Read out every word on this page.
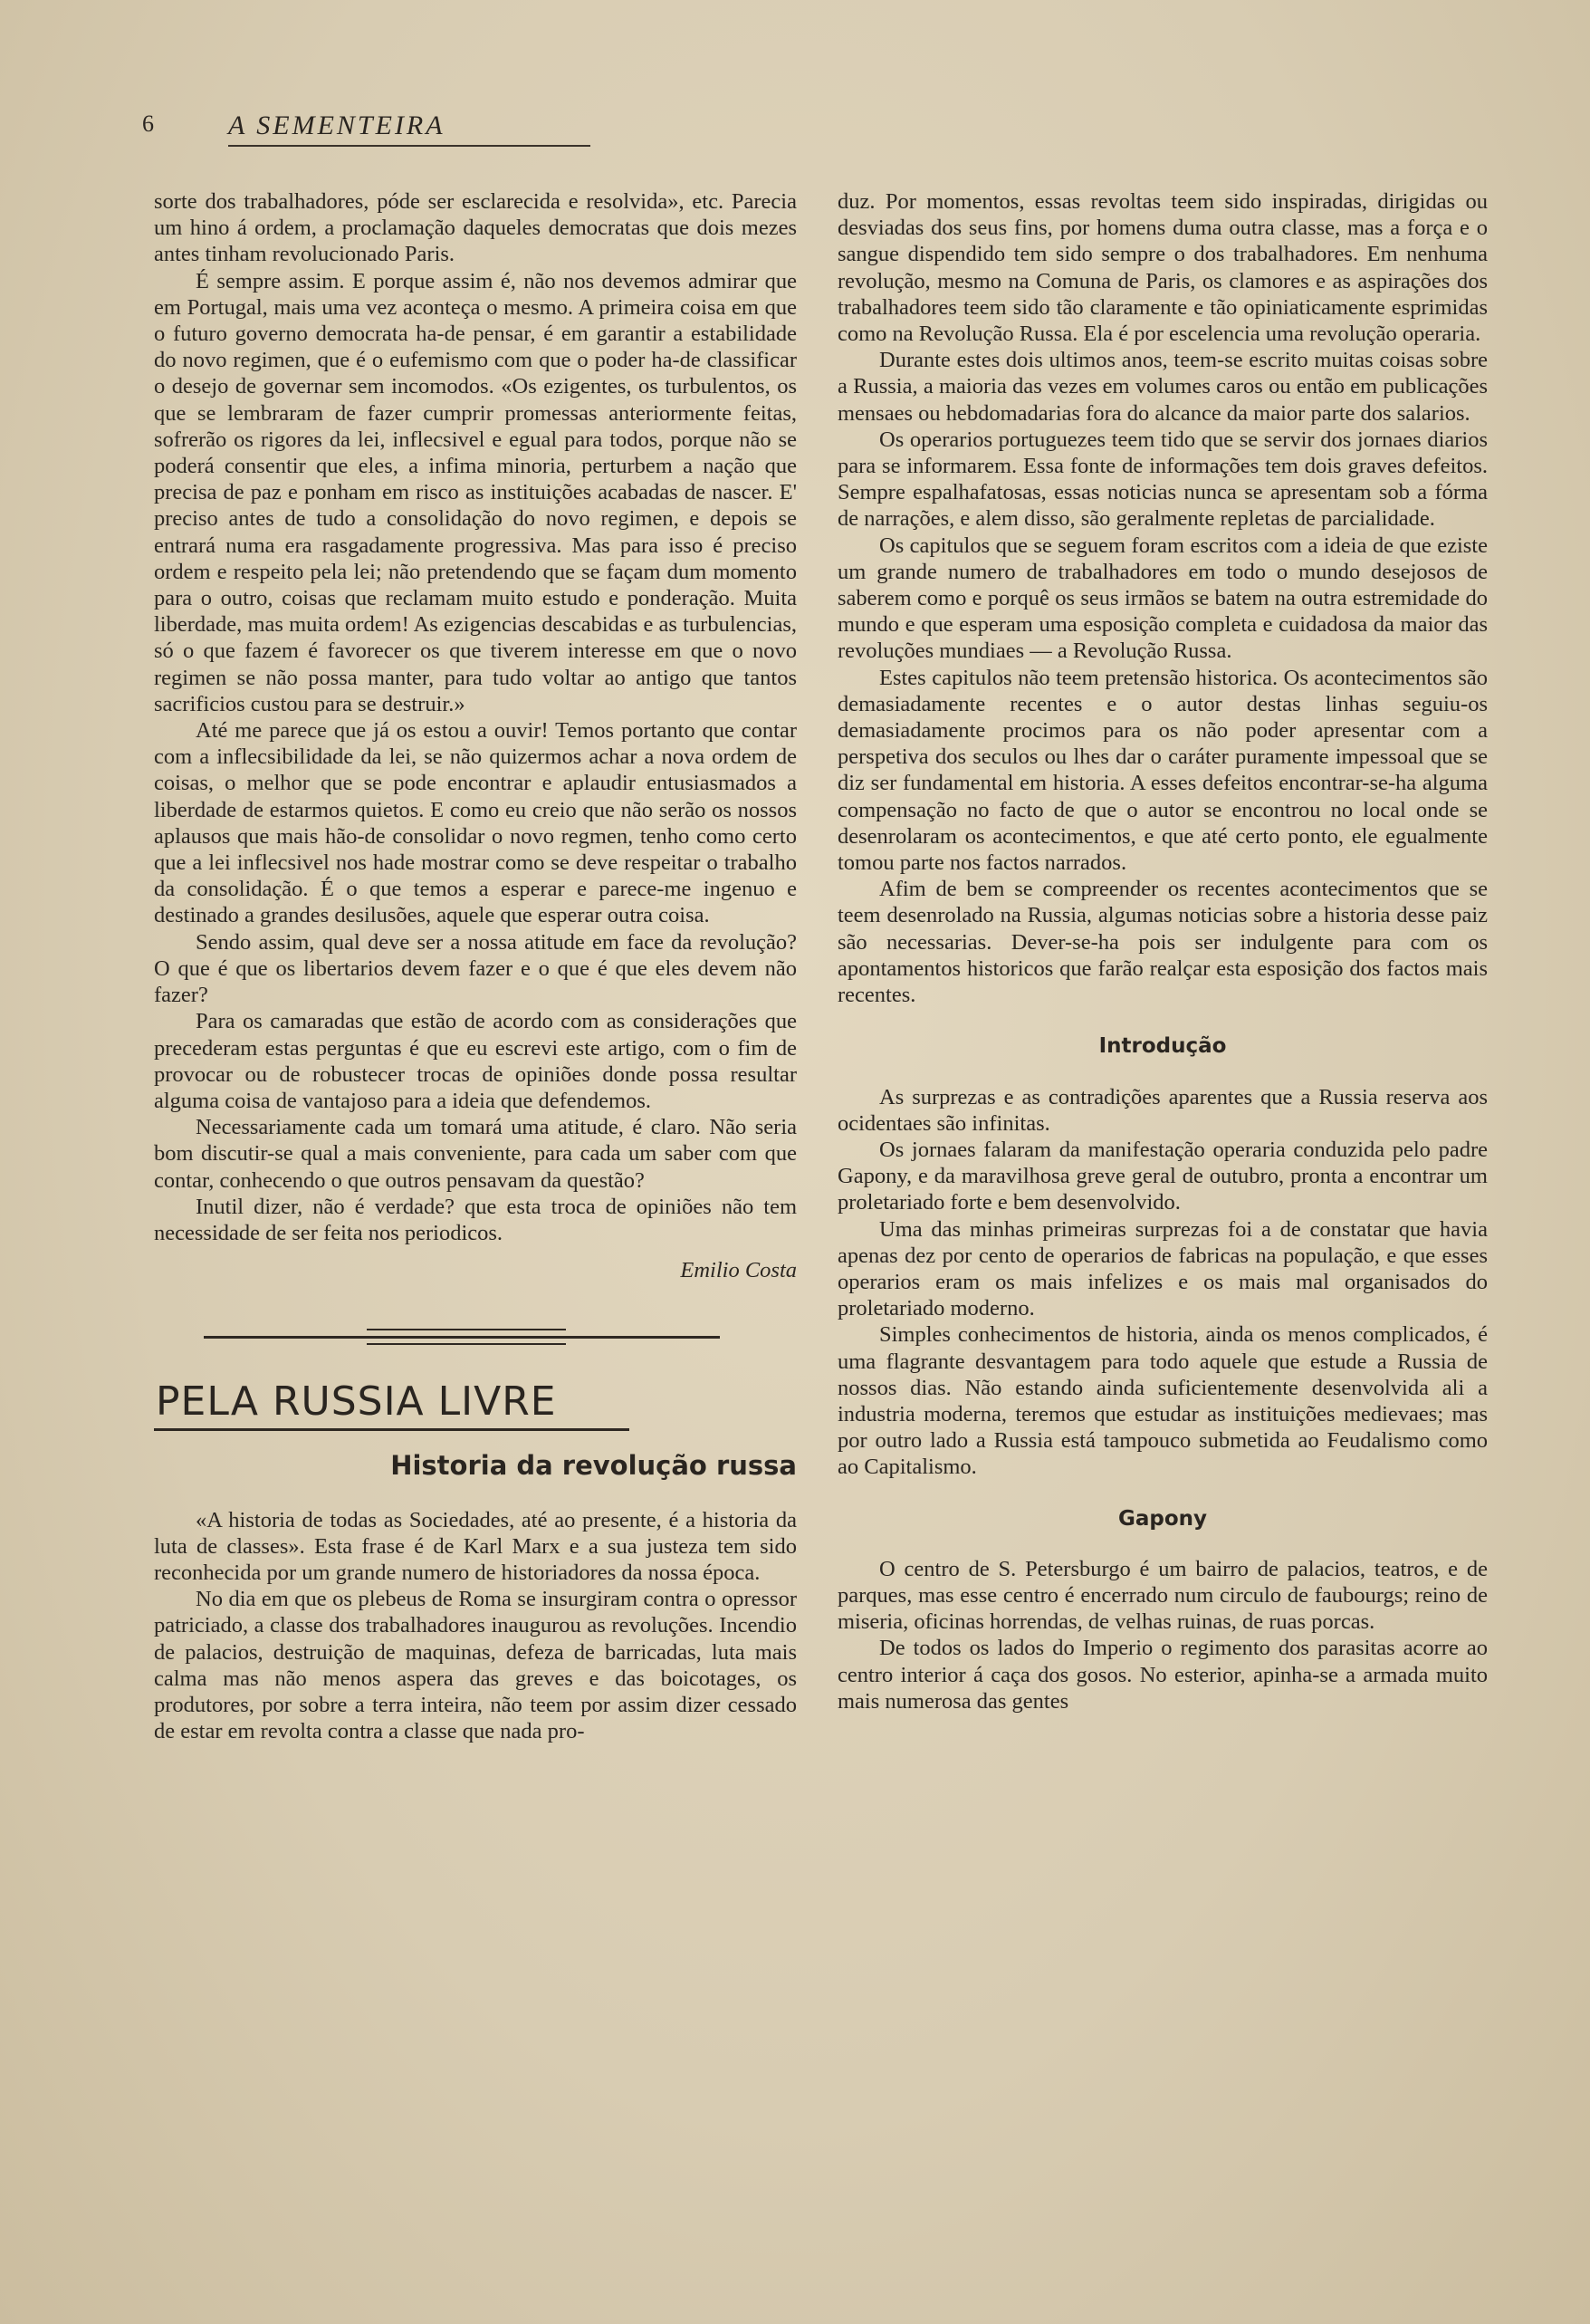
6	A SEMENTEIRA

sorte dos trabalhadores, póde ser esclarecida e resolvida», etc. Parecia um hino á ordem, a proclamação daqueles democratas que dois mezes antes tinham revolucionado Paris.

É sempre assim. E porque assim é, não nos devemos admirar que em Portugal, mais uma vez aconteça o mesmo. A primeira coisa em que o futuro governo democrata ha-de pensar, é em garantir a estabilidade do novo regimen, que é o eufemismo com que o poder ha-de classificar o desejo de governar sem incomodos. «Os ezigentes, os turbulentos, os que se lembraram de fazer cumprir promessas anteriormente feitas, sofrerão os rigores da lei, inflecsivel e egual para todos, porque não se poderá consentir que eles, a infima minoria, perturbem a nação que precisa de paz e ponham em risco as instituições acabadas de nascer. E' preciso antes de tudo a consolidação do novo regimen, e depois se entrará numa era rasgadamente progressiva. Mas para isso é preciso ordem e respeito pela lei; não pretendendo que se façam dum momento para o outro, coisas que reclamam muito estudo e ponderação. Muita liberdade, mas muita ordem! As ezigencias descabidas e as turbulencias, só o que fazem é favorecer os que tiverem interesse em que o novo regimen se não possa manter, para tudo voltar ao antigo que tantos sacrificios custou para se destruir.»

Até me parece que já os estou a ouvir! Temos portanto que contar com a inflecsibilidade da lei, se não quizermos achar a nova ordem de coisas, o melhor que se pode encontrar e aplaudir entusiasmados a liberdade de estarmos quietos. E como eu creio que não serão os nossos aplausos que mais hão-de consolidar o novo regmen, tenho como certo que a lei inflecsivel nos hade mostrar como se deve respeitar o trabalho da consolidação. É o que temos a esperar e parece-me ingenuo e destinado a grandes desilusões, aquele que esperar outra coisa.

Sendo assim, qual deve ser a nossa atitude em face da revolução? O que é que os libertarios devem fazer e o que é que eles devem não fazer?

Para os camaradas que estão de acordo com as considerações que precederam estas perguntas é que eu escrevi este artigo, com o fim de provocar ou de robustecer trocas de opiniões donde possa resultar alguma coisa de vantajoso para a ideia que defendemos.

Necessariamente cada um tomará uma atitude, é claro. Não seria bom discutir-se qual a mais conveniente, para cada um saber com que contar, conhecendo o que outros pensavam da questão?

Inutil dizer, não é verdade? que esta troca de opiniões não tem necessidade de ser feita nos periodicos.

Emilio Costa
PELA RUSSIA LIVRE
Historia da revolução russa

«A historia de todas as Sociedades, até ao presente, é a historia da luta de classes». Esta frase é de Karl Marx e a sua justeza tem sido reconhecida por um grande numero de historiadores da nossa época.

No dia em que os plebeus de Roma se insurgiram contra o opressor patriciado, a classe dos trabalhadores inaugurou as revoluções. Incendio de palacios, destruição de maquinas, defeza de barricadas, luta mais calma mas não menos aspera das greves e das boicotages, os produtores, por sobre a terra inteira, não teem por assim dizer cessado de estar em revolta contra a classe que nada pro-

duz. Por momentos, essas revoltas teem sido inspiradas, dirigidas ou desviadas dos seus fins, por homens duma outra classe, mas a força e o sangue dispendido tem sido sempre o dos trabalhadores. Em nenhuma revolução, mesmo na Comuna de Paris, os clamores e as aspirações dos trabalhadores teem sido tão claramente e tão opiniaticamente esprimidas como na Revolução Russa. Ela é por escelencia uma revolução operaria.

Durante estes dois ultimos anos, teem-se escrito muitas coisas sobre a Russia, a maioria das vezes em volumes caros ou então em publicações mensaes ou hebdomadarias fora do alcance da maior parte dos salarios.

Os operarios portuguezes teem tido que se servir dos jornaes diarios para se informarem. Essa fonte de informações tem dois graves defeitos. Sempre espalhafatosas, essas noticias nunca se apresentam sob a fórma de narrações, e alem disso, são geralmente repletas de parcialidade.

Os capitulos que se seguem foram escritos com a ideia de que eziste um grande numero de trabalhadores em todo o mundo desejosos de saberem como e porquê os seus irmãos se batem na outra estremidade do mundo e que esperam uma esposição completa e cuidadosa da maior das revoluções mundiaes — a Revolução Russa.

Estes capitulos não teem pretensão historica. Os acontecimentos são demasiadamente recentes e o autor destas linhas seguiu-os demasiadamente procimos para os não poder apresentar com a perspetiva dos seculos ou lhes dar o caráter puramente impessoal que se diz ser fundamental em historia. A esses defeitos encontrar-se-ha alguma compensação no facto de que o autor se encontrou no local onde se desenrolaram os acontecimentos, e que até certo ponto, ele egualmente tomou parte nos factos narrados.

Afim de bem se compreender os recentes acontecimentos que se teem desenrolado na Russia, algumas noticias sobre a historia desse paiz são necessarias. Dever-se-ha pois ser indulgente para com os apontamentos historicos que farão realçar esta esposição dos factos mais recentes.

Introdução

As surprezas e as contradições aparentes que a Russia reserva aos ocidentaes são infinitas.

Os jornaes falaram da manifestação operaria conduzida pelo padre Gapony, e da maravilhosa greve geral de outubro, pronta a encontrar um proletariado forte e bem desenvolvido.

Uma das minhas primeiras surprezas foi a de constatar que havia apenas dez por cento de operarios de fabricas na população, e que esses operarios eram os mais infelizes e os mais mal organisados do proletariado moderno.

Simples conhecimentos de historia, ainda os menos complicados, é uma flagrante desvantagem para todo aquele que estude a Russia de nossos dias. Não estando ainda suficientemente desenvolvida ali a industria moderna, teremos que estudar as instituições medievaes; mas por outro lado a Russia está tampouco submetida ao Feudalismo como ao Capitalismo.

Gapony

O centro de S. Petersburgo é um bairro de palacios, teatros, e de parques, mas esse centro é encerrado num circulo de faubourgs; reino de miseria, oficinas horrendas, de velhas ruinas, de ruas porcas.

De todos os lados do Imperio o regimento dos parasitas acorre ao centro interior á caça dos gosos. No esterior, apinha-se a armada muito mais numerosa das gentes
